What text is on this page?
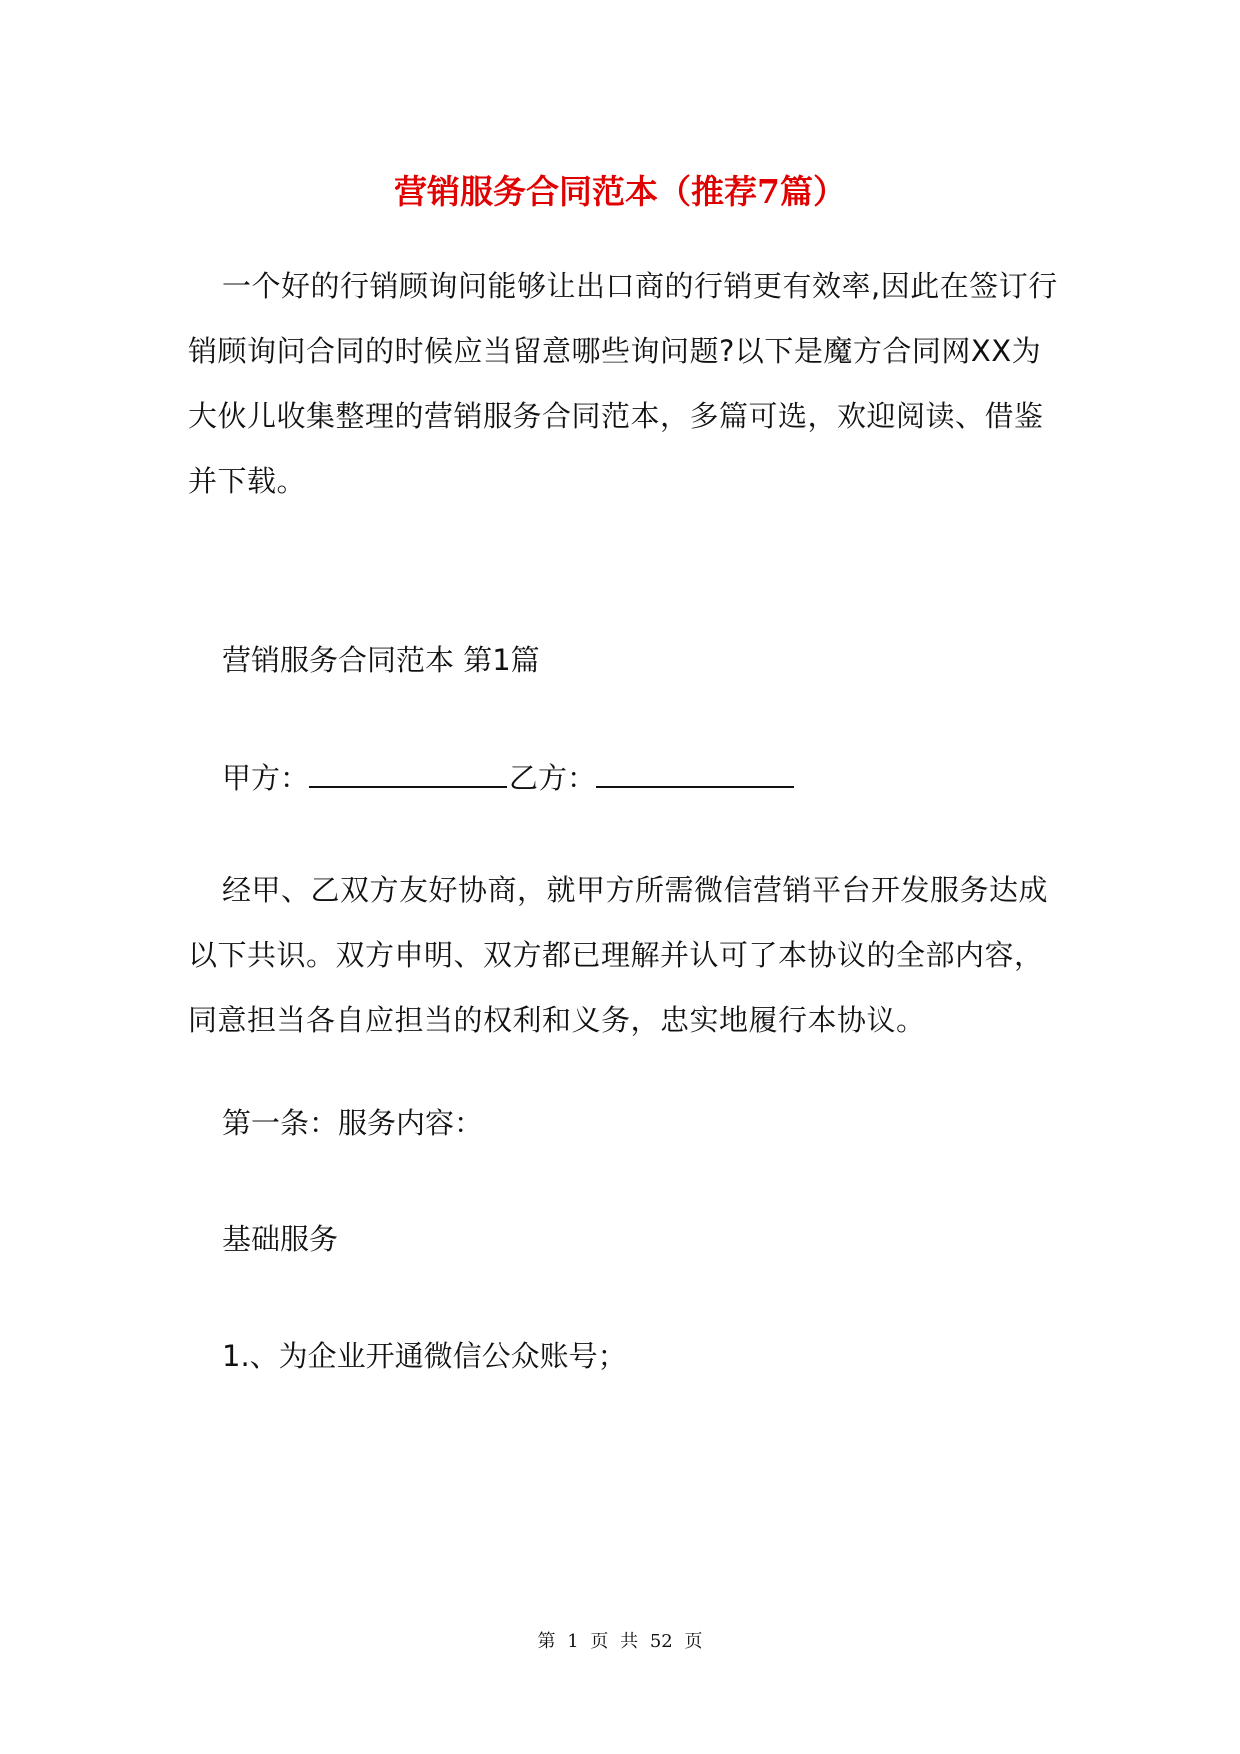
营销服务合同范本（推荐7篇）

一个好的行销顾询问能够让出口商的行销更有效率,因此在签订行销顾询问合同的时候应当留意哪些询问题?以下是魔方合同网XX为大伙儿收集整理的营销服务合同范本，多篇可选，欢迎阅读、借鉴并下载。

营销服务合同范本 第1篇

甲方：	乙方：

经甲、乙双方友好协商，就甲方所需微信营销平台开发服务达成以下共识。双方申明、双方都已理解并认可了本协议的全部内容，同意担当各自应担当的权利和义务，忠实地履行本协议。

第一条：服务内容：

基础服务

1.、为企业开通微信公众账号；

第 1 页 共 52 页
